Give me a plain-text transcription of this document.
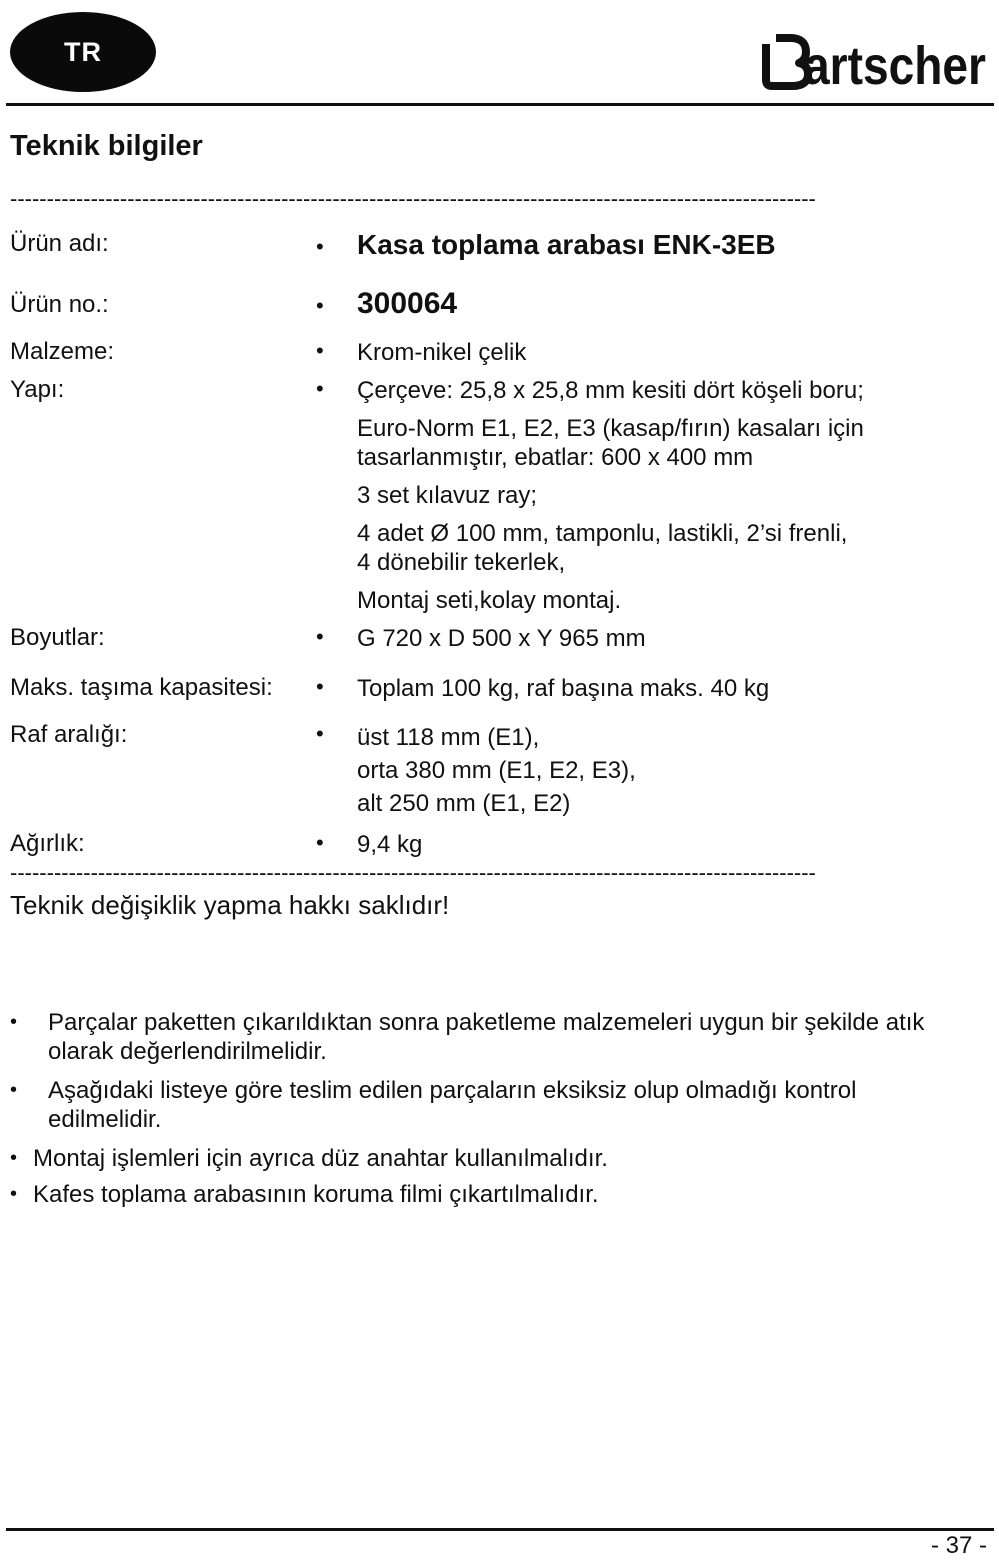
TR	artscher
Teknik bilgiler
--------------------------------------------------------------------------------------------------------------
Ürün adı:	• Kasa toplama arabası ENK-3EB
Ürün no.:	• 300064
Malzeme:	• Krom-nikel çelik
Yapı:	• Çerçeve: 25,8 x 25,8 mm kesiti dört köşeli boru;
Euro-Norm E1, E2, E3 (kasap/fırın) kasaları için
tasarlanmıştır, ebatlar: 600 x 400 mm
3 set kılavuz ray;
4 adet Ø 100 mm, tamponlu, lastikli, 2’si frenli,
4 dönebilir tekerlek,
Montaj seti,kolay montaj.
Boyutlar:	• G 720 x D 500 x Y 965 mm
Maks. taşıma kapasitesi: • Toplam 100 kg, raf başına maks. 40 kg
Raf aralığı:	• üst 118 mm (E1),
orta 380 mm (E1, E2, E3),
alt 250 mm (E1, E2)
Ağırlık:	• 9,4 kg
--------------------------------------------------------------------------------------------------------------
Teknik değişiklik yapma hakkı saklıdır!
• Parçalar paketten çıkarıldıktan sonra paketleme malzemeleri uygun bir şekilde atık
olarak değerlendirilmelidir.
• Aşağıdaki listeye göre teslim edilen parçaların eksiksiz olup olmadığı kontrol
edilmelidir.
• Montaj işlemleri için ayrıca düz anahtar kullanılmalıdır.
• Kafes toplama arabasının koruma filmi çıkartılmalıdır.
- 37 -
